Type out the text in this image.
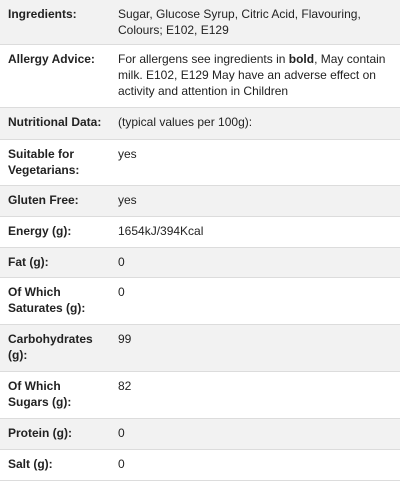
Ingredients:	Sugar, Glucose Syrup, Citric Acid, Flavouring, Colours; E102, E129
Allergy Advice:	For allergens see ingredients in bold, May contain milk. E102, E129 May have an adverse effect on activity and attention in Children
Nutritional Data:	(typical values per 100g):
Suitable for Vegetarians:	yes
Gluten Free:	yes
Energy (g):	1654kJ/394Kcal
Fat (g):	0
Of Which Saturates (g):	0
Carbohydrates (g):	99
Of Which Sugars (g):	82
Protein (g):	0
Salt (g):	0
